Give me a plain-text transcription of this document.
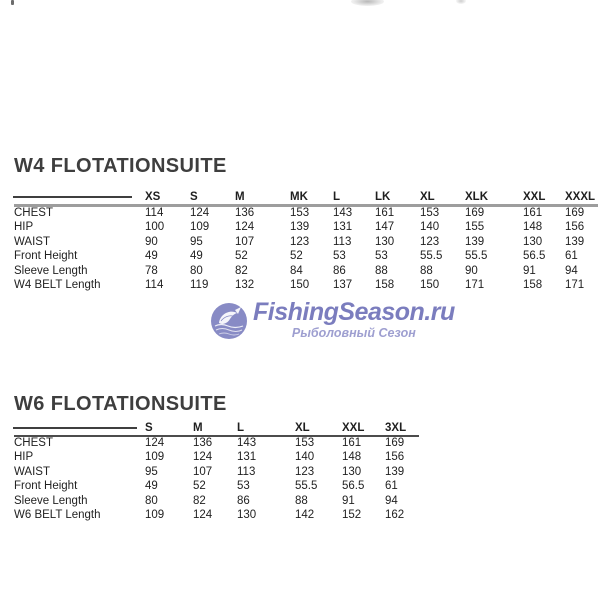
W4 FLOTATIONSUITE
XS	S	M	MK	L	LK	XL	XLK	XXL	XXXL
CHEST	114	124	136	153	143	161	153	169	161	169
HIP	100	109	124	139	131	147	140	155	148	156
WAIST	90	95	107	123	113	130	123	139	130	139
Front Height	49	49	52	52	53	53	55.5	55.5	56.5	61
Sleeve Length	78	80	82	84	86	88	88	90	91	94
W4 BELT Length	114	119	132	150	137	158	150	171	158	171
FishingSeason.ru
Рыболовный Сезон
W6 FLOTATIONSUITE
S	M	L	XL	XXL	3XL
CHEST	124	136	143	153	161	169
HIP	109	124	131	140	148	156
WAIST	95	107	113	123	130	139
Front Height	49	52	53	55.5	56.5	61
Sleeve Length	80	82	86	88	91	94
W6 BELT Length	109	124	130	142	152	162
